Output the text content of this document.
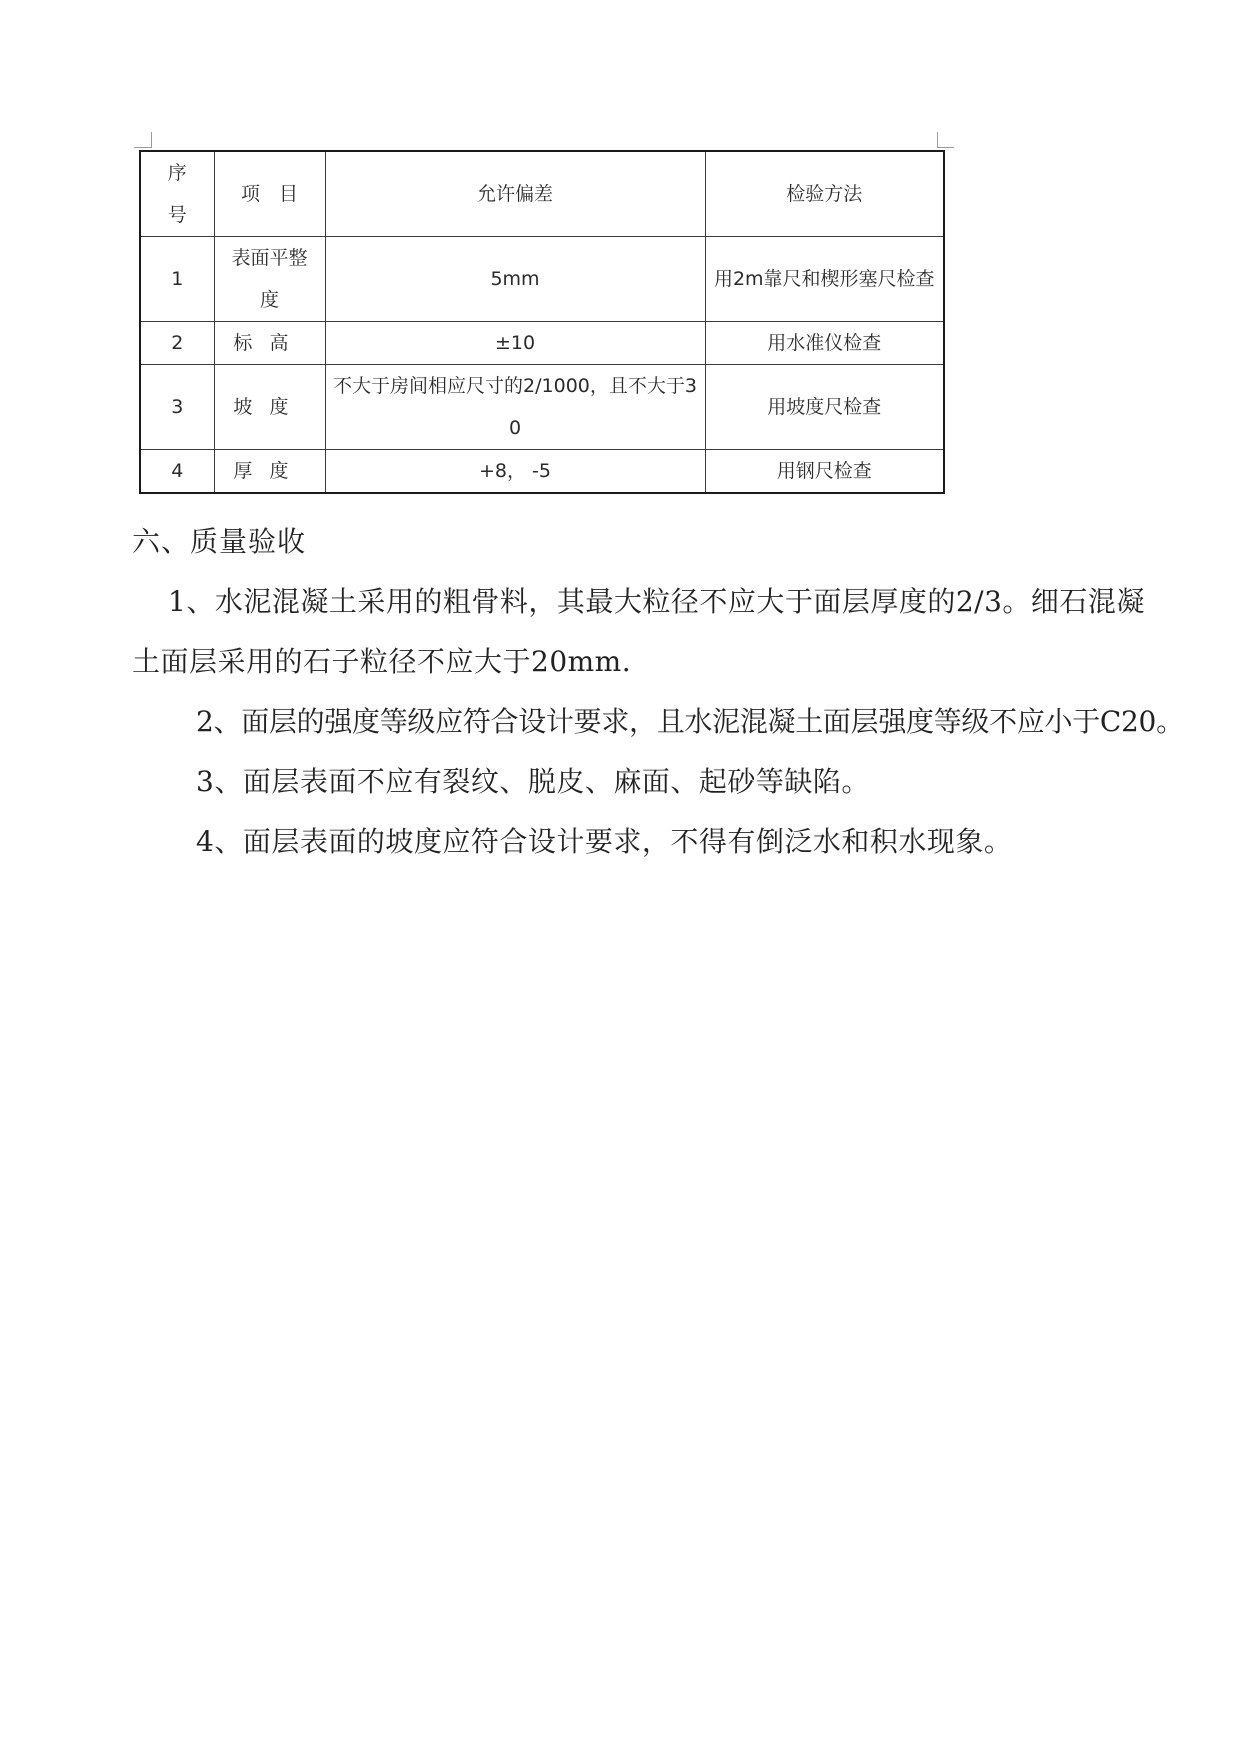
序号	项　目	允许偏差	检验方法
1	表面平整度	5mm	用2m靠尺和楔形塞尺检查
2	标高	±10	用水准仪检查
3	坡度	不大于房间相应尺寸的2/1000，且不大于30	用坡度尺检查
4	厚度	+8， -5	用钢尺检查
六、质量验收
1、水泥混凝土采用的粗骨料，其最大粒径不应大于面层厚度的2/3。细石混凝
土面层采用的石子粒径不应大于20mm.
2、面层的强度等级应符合设计要求，且水泥混凝土面层强度等级不应小于C20。
3、面层表面不应有裂纹、脱皮、麻面、起砂等缺陷。
4、面层表面的坡度应符合设计要求，不得有倒泛水和积水现象。
